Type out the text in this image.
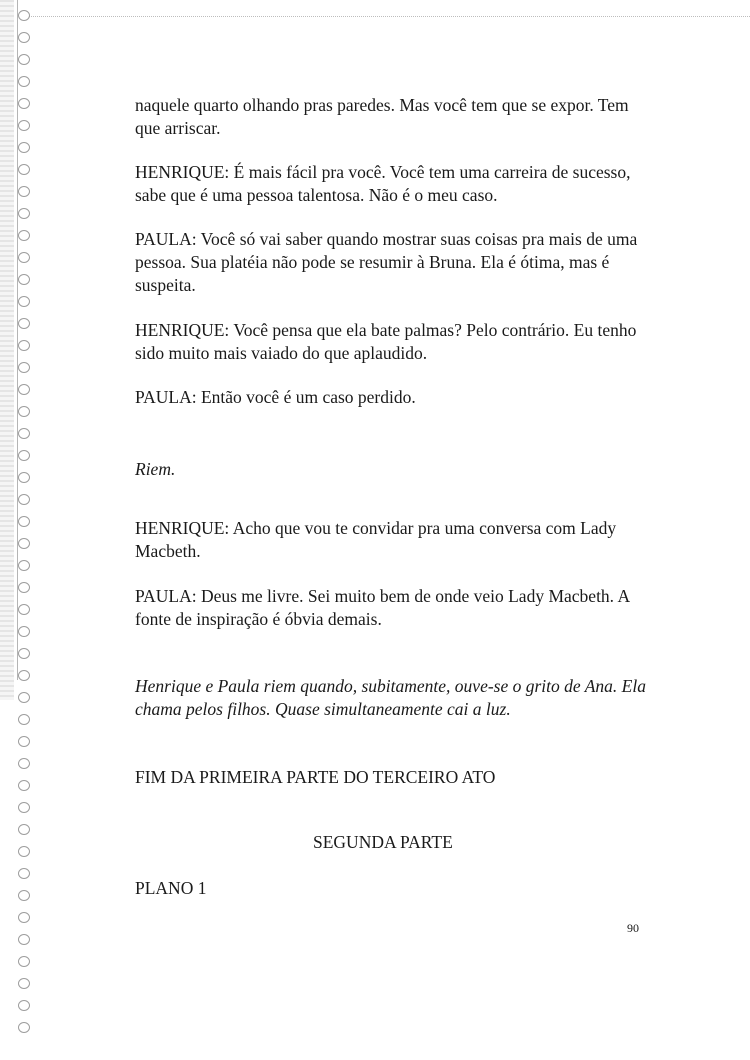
naquele quarto olhando pras paredes. Mas você tem que se expor. Tem que arriscar.

HENRIQUE: É mais fácil pra você. Você tem uma carreira de sucesso, sabe que é uma pessoa talentosa. Não é o meu caso.

PAULA: Você só vai saber quando mostrar suas coisas pra mais de uma pessoa. Sua platéia não pode se resumir à Bruna. Ela é ótima, mas é suspeita.

HENRIQUE: Você pensa que ela bate palmas? Pelo contrário. Eu tenho sido muito mais vaiado do que aplaudido.

PAULA: Então você é um caso perdido.

Riem.

HENRIQUE: Acho que vou te convidar pra uma conversa com Lady Macbeth.

PAULA: Deus me livre. Sei muito bem de onde veio Lady Macbeth. A fonte de inspiração é óbvia demais.

Henrique e Paula riem quando, subitamente, ouve-se o grito de Ana. Ela chama pelos filhos. Quase simultaneamente cai a luz.

FIM DA PRIMEIRA PARTE DO TERCEIRO ATO

PLANO 1

SEGUNDA PARTE

90
